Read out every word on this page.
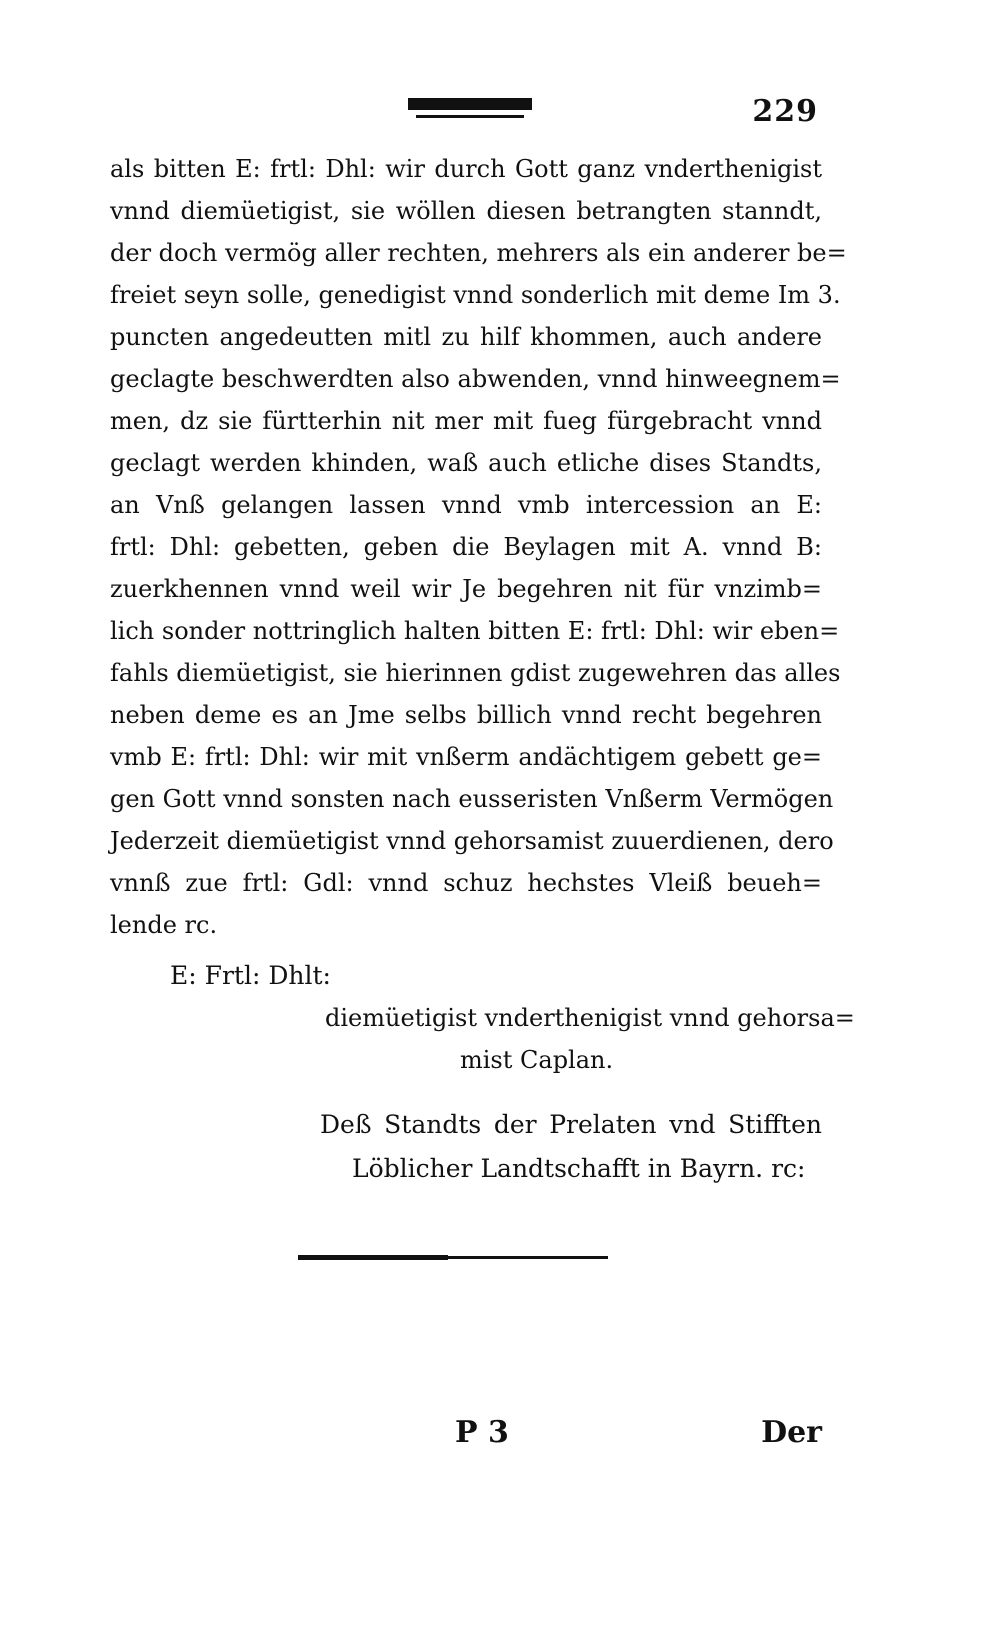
229
als bitten E: frtl: Dhl: wir durch Gott ganz vnderthenigist
vnnd diemüetigist, sie wöllen diesen betrangten stanndt,
der doch vermög aller rechten, mehrers als ein anderer be=
freiet seyn solle, genedigist vnnd sonderlich mit deme Im 3.
puncten angedeutten mitl zu hilf khommen, auch andere
geclagte beschwerdten also abwenden, vnnd hinweegnem=
men, dz sie fürtterhin nit mer mit fueg fürgebracht vnnd
geclagt werden khinden, waß auch etliche dises Standts,
an Vnß gelangen lassen vnnd vmb intercession an E:
frtl: Dhl: gebetten, geben die Beylagen mit A. vnnd B:
zuerkhennen vnnd weil wir Je begehren nit für vnzimb=
lich sonder nottringlich halten bitten E: frtl: Dhl: wir eben=
fahls diemüetigist, sie hierinnen gdist zugewehren das alles
neben deme es an Jme selbs billich vnnd recht begehren
vmb E: frtl: Dhl: wir mit vnßerm andächtigem gebett ge=
gen Gott vnnd sonsten nach eusseristen Vnßerm Vermögen
Jederzeit diemüetigist vnnd gehorsamist zuuerdienen, dero
vnnß zue frtl: Gdl: vnnd schuz hechstes Vleiß beueh=
lende rc.
E: Frtl: Dhlt:
diemüetigist vnderthenigist vnnd gehorsa=
mist Caplan.
Deß Standts der Prelaten vnd Stifften
Löblicher Landtschafft in Bayrn. rc:
P 3	Der
